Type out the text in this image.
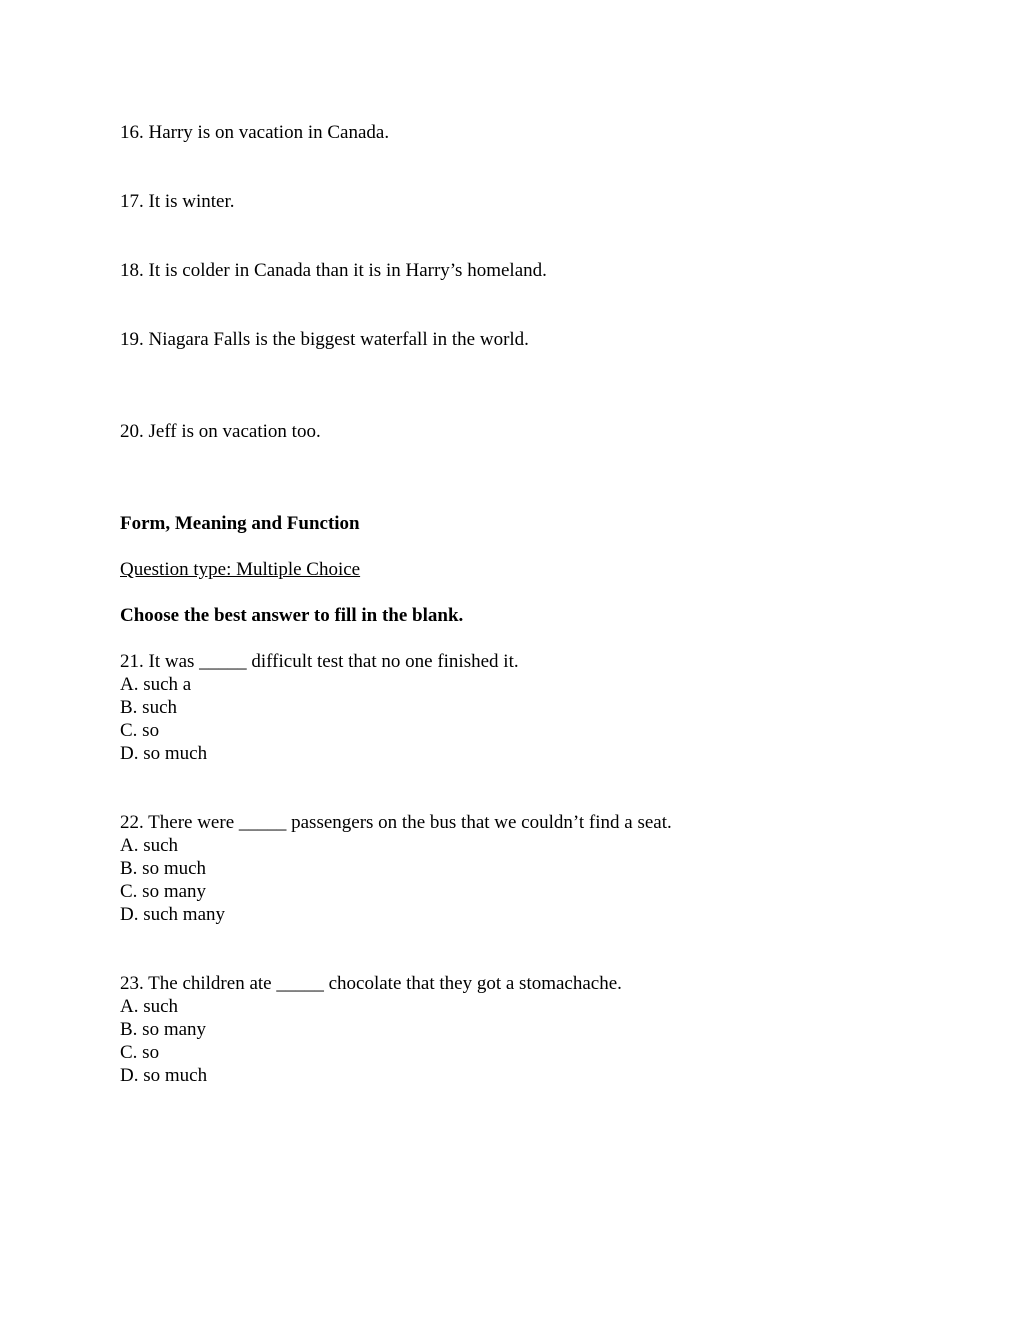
16. Harry is on vacation in Canada.
17. It is winter.
18. It is colder in Canada than it is in Harry’s homeland.
19. Niagara Falls is the biggest waterfall in the world.
20. Jeff is on vacation too.
Form, Meaning and Function
Question type: Multiple Choice
Choose the best answer to fill in the blank.
21. It was _____ difficult test that no one finished it.
A. such a
B. such
C. so
D. so much
22. There were _____ passengers on the bus that we couldn’t find a seat.
A. such
B. so much
C. so many
D. such many
23. The children ate _____ chocolate that they got a stomachache.
A. such
B. so many
C. so
D. so much
